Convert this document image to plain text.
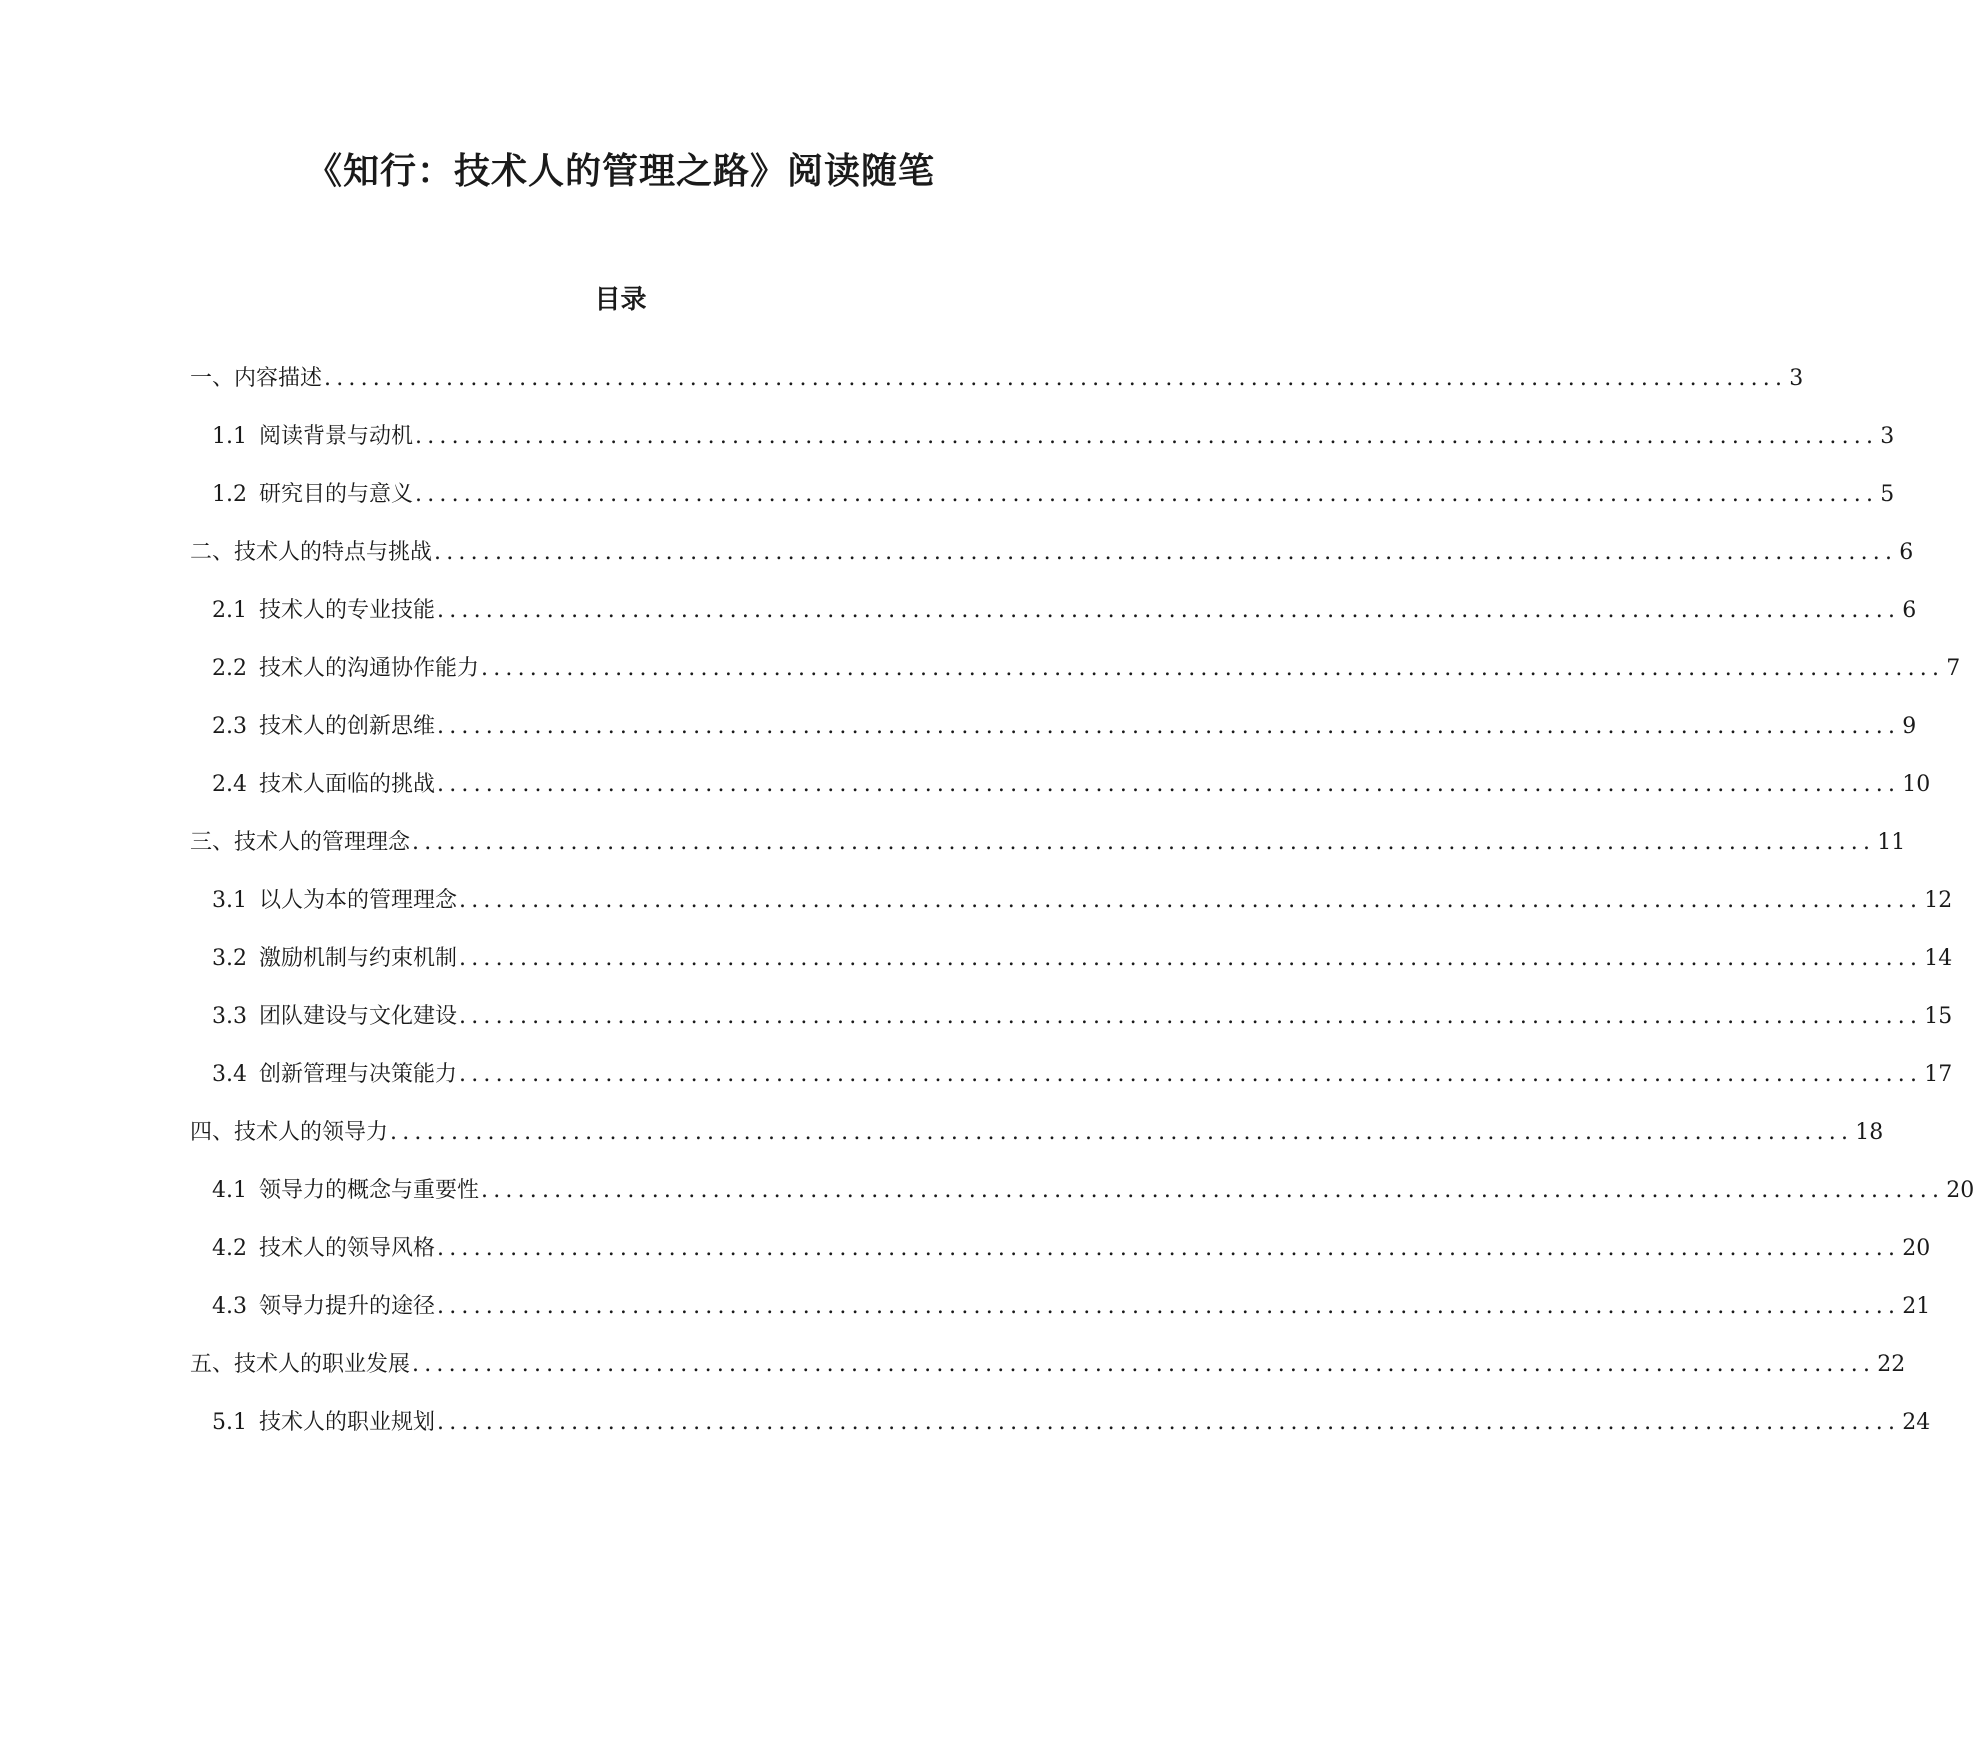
《知行：技术人的管理之路》阅读随笔
目录
一、内容描述 ........................................................................................................................ 3
1.1 阅读背景与动机 ........................................................................................................................ 3
1.2 研究目的与意义 ........................................................................................................................ 5
二、技术人的特点与挑战 ........................................................................................................................ 6
2.1 技术人的专业技能 ........................................................................................................................ 6
2.2 技术人的沟通协作能力 ........................................................................................................................ 7
2.3 技术人的创新思维 ........................................................................................................................ 9
2.4 技术人面临的挑战 ........................................................................................................................ 10
三、技术人的管理理念 ........................................................................................................................ 11
3.1 以人为本的管理理念 ........................................................................................................................ 12
3.2 激励机制与约束机制 ........................................................................................................................ 14
3.3 团队建设与文化建设 ........................................................................................................................ 15
3.4 创新管理与决策能力 ........................................................................................................................ 17
四、技术人的领导力 ........................................................................................................................ 18
4.1 领导力的概念与重要性 ........................................................................................................................ 20
4.2 技术人的领导风格 ........................................................................................................................ 20
4.3 领导力提升的途径 ........................................................................................................................ 21
五、技术人的职业发展 ........................................................................................................................ 22
5.1 技术人的职业规划 ........................................................................................................................ 24
